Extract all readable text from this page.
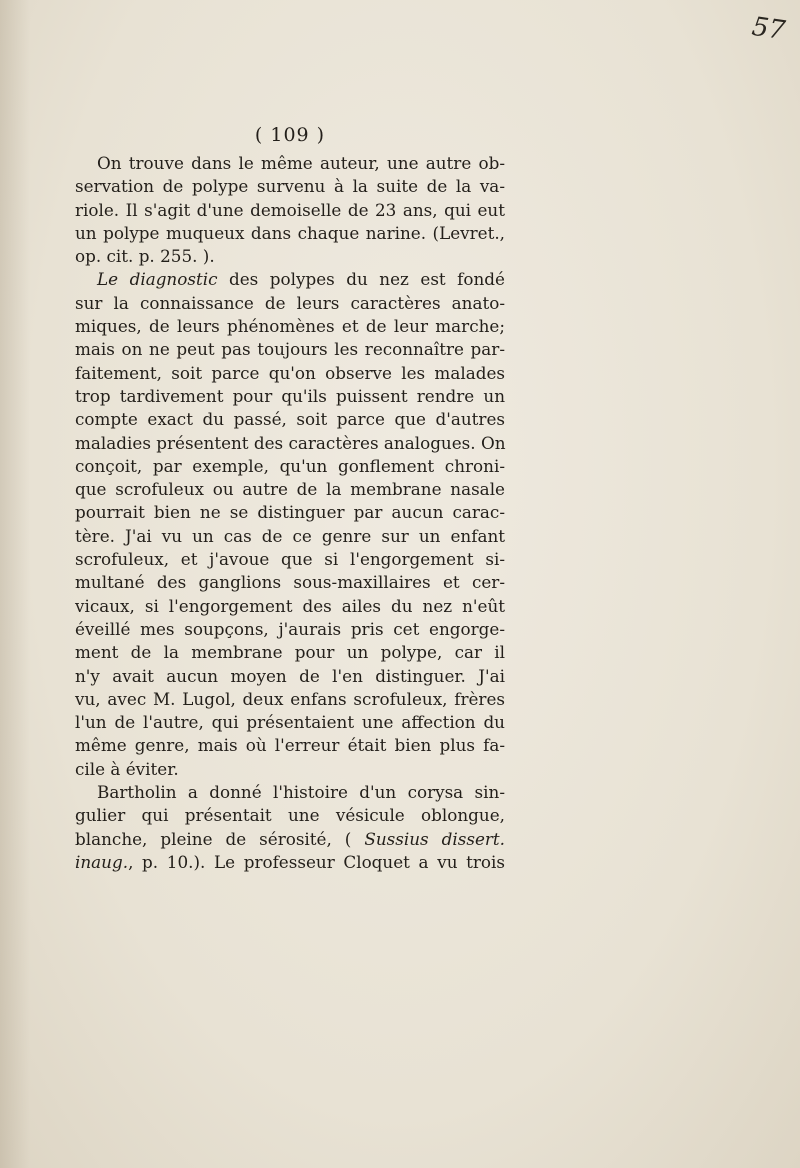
57
( 109 )
On trouve dans le même auteur, une autre ob-
servation de polype survenu à la suite de la va-
riole. Il s'agit d'une demoiselle de 23 ans, qui eut
un polype muqueux dans chaque narine. (Levret.,
op. cit. p. 255. ).
Le diagnostic des polypes du nez est fondé
sur la connaissance de leurs caractères anato-
miques, de leurs phénomènes et de leur marche;
mais on ne peut pas toujours les reconnaître par-
faitement, soit parce qu'on observe les malades
trop tardivement pour qu'ils puissent rendre un
compte exact du passé, soit parce que d'autres
maladies présentent des caractères analogues. On
conçoit, par exemple, qu'un gonflement chroni-
que scrofuleux ou autre de la membrane nasale
pourrait bien ne se distinguer par aucun carac-
tère. J'ai vu un cas de ce genre sur un enfant
scrofuleux, et j'avoue que si l'engorgement si-
multané des ganglions sous-maxillaires et cer-
vicaux, si l'engorgement des ailes du nez n'eût
éveillé mes soupçons, j'aurais pris cet engorge-
ment de la membrane pour un polype, car il
n'y avait aucun moyen de l'en distinguer. J'ai
vu, avec M. Lugol, deux enfans scrofuleux, frères
l'un de l'autre, qui présentaient une affection du
même genre, mais où l'erreur était bien plus fa-
cile à éviter.
Bartholin a donné l'histoire d'un corysa sin-
gulier qui présentait une vésicule oblongue,
blanche, pleine de sérosité, ( Sussius dissert.
inaug., p. 10.). Le professeur Cloquet a vu trois
